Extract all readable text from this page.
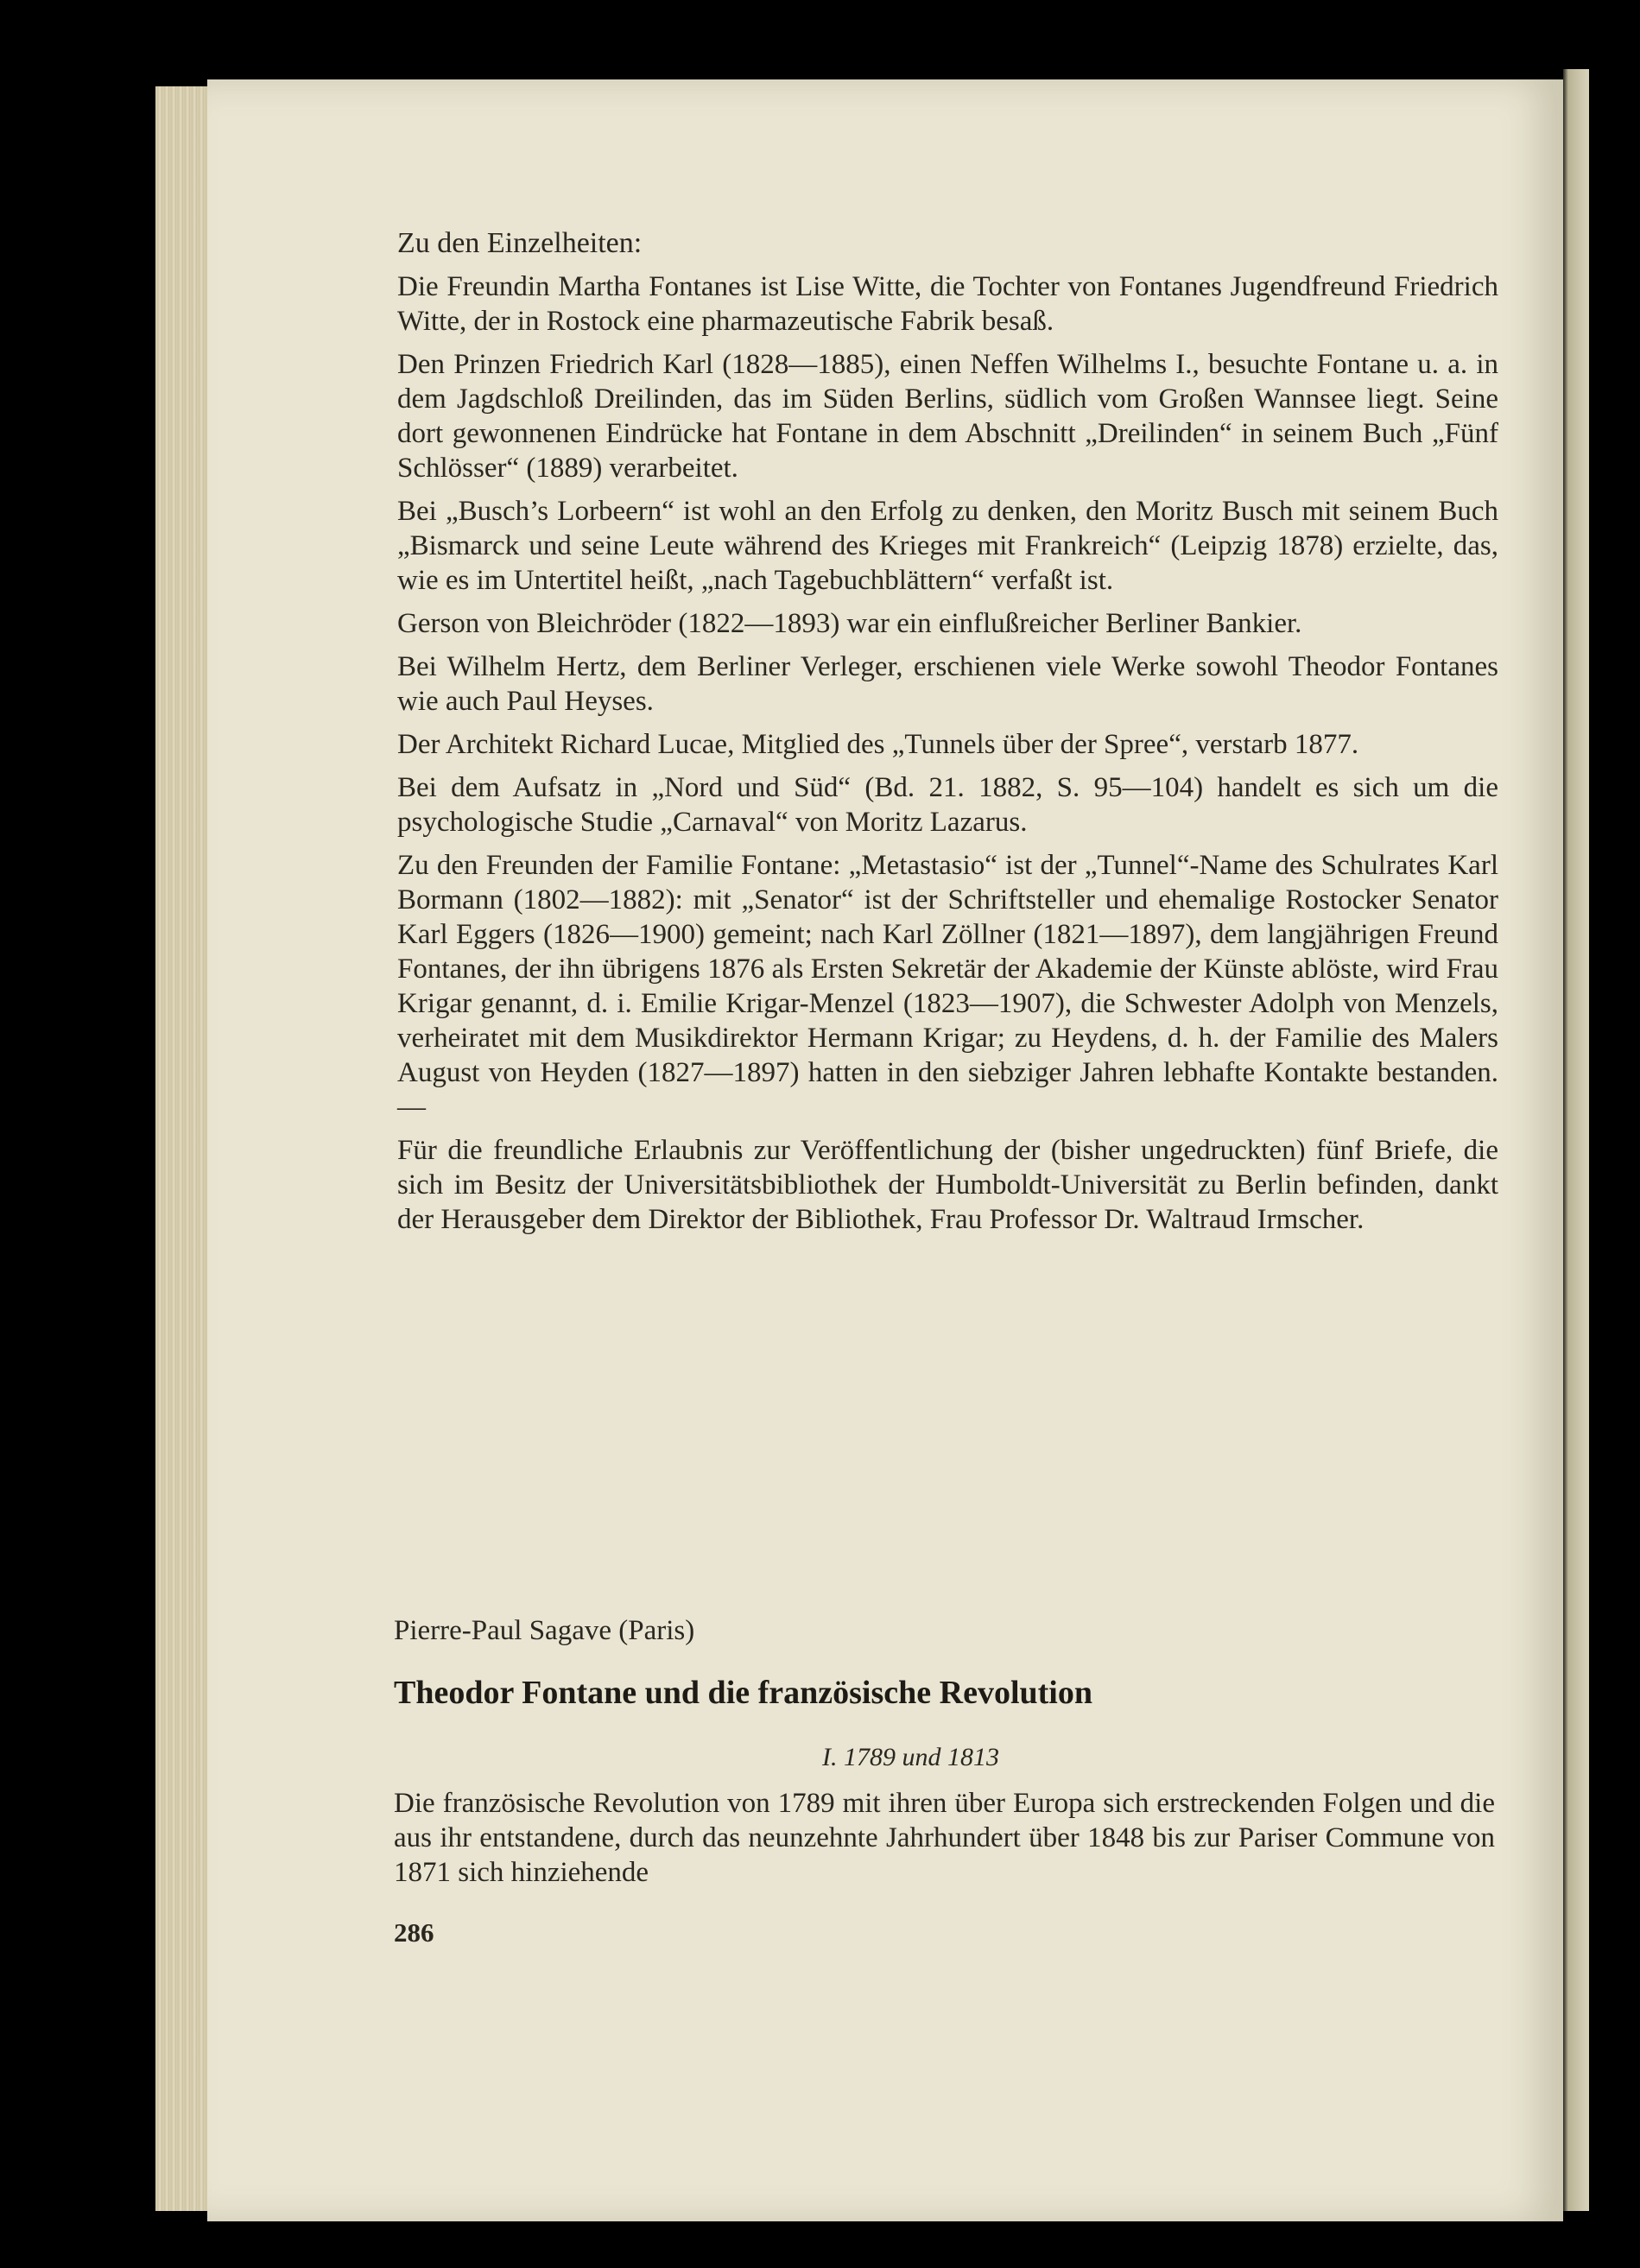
Zu den Einzelheiten:

Die Freundin Martha Fontanes ist Lise Witte, die Tochter von Fontanes Jugendfreund Friedrich Witte, der in Rostock eine pharmazeutische Fabrik besaß.

Den Prinzen Friedrich Karl (1828—1885), einen Neffen Wilhelms I., besuchte Fontane u. a. in dem Jagdschloß Dreilinden, das im Süden Berlins, südlich vom Großen Wannsee liegt. Seine dort gewonnenen Eindrücke hat Fontane in dem Abschnitt „Dreilinden“ in seinem Buch „Fünf Schlösser“ (1889) verarbeitet.

Bei „Busch’s Lorbeern“ ist wohl an den Erfolg zu denken, den Moritz Busch mit seinem Buch „Bismarck und seine Leute während des Krieges mit Frankreich“ (Leipzig 1878) erzielte, das, wie es im Untertitel heißt, „nach Tagebuchblättern“ verfaßt ist.

Gerson von Bleichröder (1822—1893) war ein einflußreicher Berliner Bankier.

Bei Wilhelm Hertz, dem Berliner Verleger, erschienen viele Werke sowohl Theodor Fontanes wie auch Paul Heyses.

Der Architekt Richard Lucae, Mitglied des „Tunnels über der Spree“, verstarb 1877.

Bei dem Aufsatz in „Nord und Süd“ (Bd. 21. 1882, S. 95—104) handelt es sich um die psychologische Studie „Carnaval“ von Moritz Lazarus.

Zu den Freunden der Familie Fontane: „Metastasio“ ist der „Tunnel“-Name des Schulrates Karl Bormann (1802—1882): mit „Senator“ ist der Schriftsteller und ehemalige Rostocker Senator Karl Eggers (1826—1900) gemeint; nach Karl Zöllner (1821—1897), dem langjährigen Freund Fontanes, der ihn übrigens 1876 als Ersten Sekretär der Akademie der Künste ablöste, wird Frau Krigar genannt, d. i. Emilie Krigar-Menzel (1823—1907), die Schwester Adolph von Menzels, verheiratet mit dem Musikdirektor Hermann Krigar; zu Heydens, d. h. der Familie des Malers August von Heyden (1827—1897) hatten in den siebziger Jahren lebhafte Kontakte bestanden. —

Für die freundliche Erlaubnis zur Veröffentlichung der (bisher ungedruckten) fünf Briefe, die sich im Besitz der Universitätsbibliothek der Humboldt-Universität zu Berlin befinden, dankt der Herausgeber dem Direktor der Bibliothek, Frau Professor Dr. Waltraud Irmscher.

Pierre-Paul Sagave (Paris)
Theodor Fontane und die französische Revolution
I. 1789 und 1813
Die französische Revolution von 1789 mit ihren über Europa sich erstreckenden Folgen und die aus ihr entstandene, durch das neunzehnte Jahrhundert über 1848 bis zur Pariser Commune von 1871 sich hinziehende
286
